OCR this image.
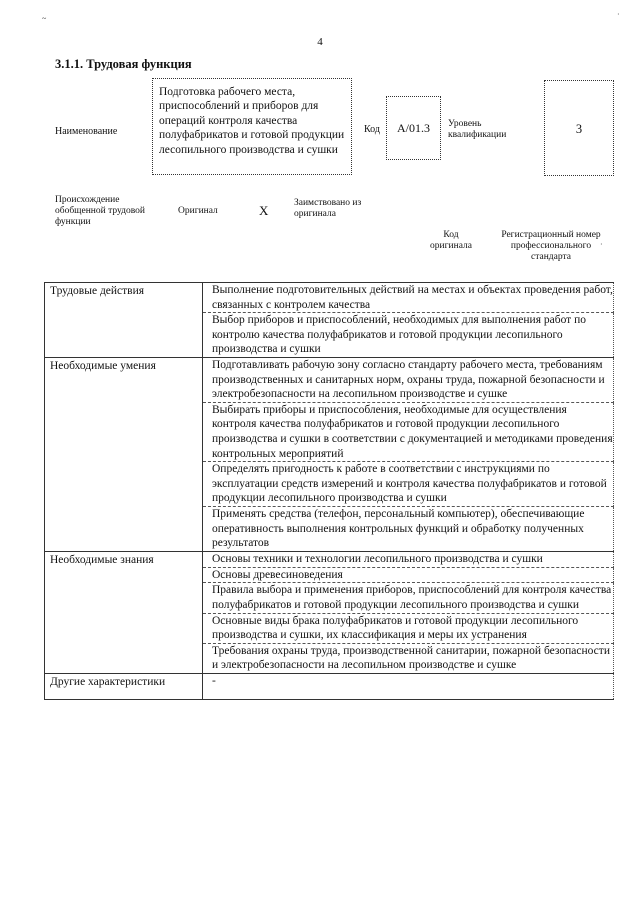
4
3.1.1. Трудовая функция
Наименование
Подготовка рабочего места, приспособлений и приборов для операций контроля качества полуфабрикатов и готовой продукции лесопильного производства и сушки
Код	A/01.3	Уровень квалификации	3
Происхождение обобщенной трудовой функции
Оригинал	X	Заимствовано из оригинала
Код оригинала
Регистрационный номер профессионального стандарта
~	·
·
Трудовые действия	Выполнение подготовительных действий на местах и объектах проведения работ, связанных с контролем качества

	Выбор приборов и приспособлений, необходимых для выполнения работ по контролю качества полуфабрикатов и готовой продукции лесопильного производства и сушки

Необходимые умения	Подготавливать рабочую зону согласно стандарту рабочего места, требованиям производственных и санитарных норм, охраны труда, пожарной безопасности и электробезопасности на лесопильном производстве и сушке

	Выбирать приборы и приспособления, необходимые для осуществления контроля качества полуфабрикатов и готовой продукции лесопильного производства и сушки в соответствии с документацией и методиками проведения контрольных мероприятий

	Определять пригодность к работе в соответствии с инструкциями по эксплуатации средств измерений и контроля качества полуфабрикатов и готовой продукции лесопильного производства и сушки

	Применять средства (телефон, персональный компьютер), обеспечивающие оперативность выполнения контрольных функций и обработку полученных результатов

Необходимые знания	Основы техники и технологии лесопильного производства и сушки

	Основы древесиноведения

	Правила выбора и применения приборов, приспособлений для контроля качества полуфабрикатов и готовой продукции лесопильного производства и сушки

	Основные виды брака полуфабрикатов и готовой продукции лесопильного производства и сушки, их классификация и меры их устранения

	Требования охраны труда, производственной санитарии, пожарной безопасности и электробезопасности на лесопильном производстве и сушке

Другие характеристики	-
